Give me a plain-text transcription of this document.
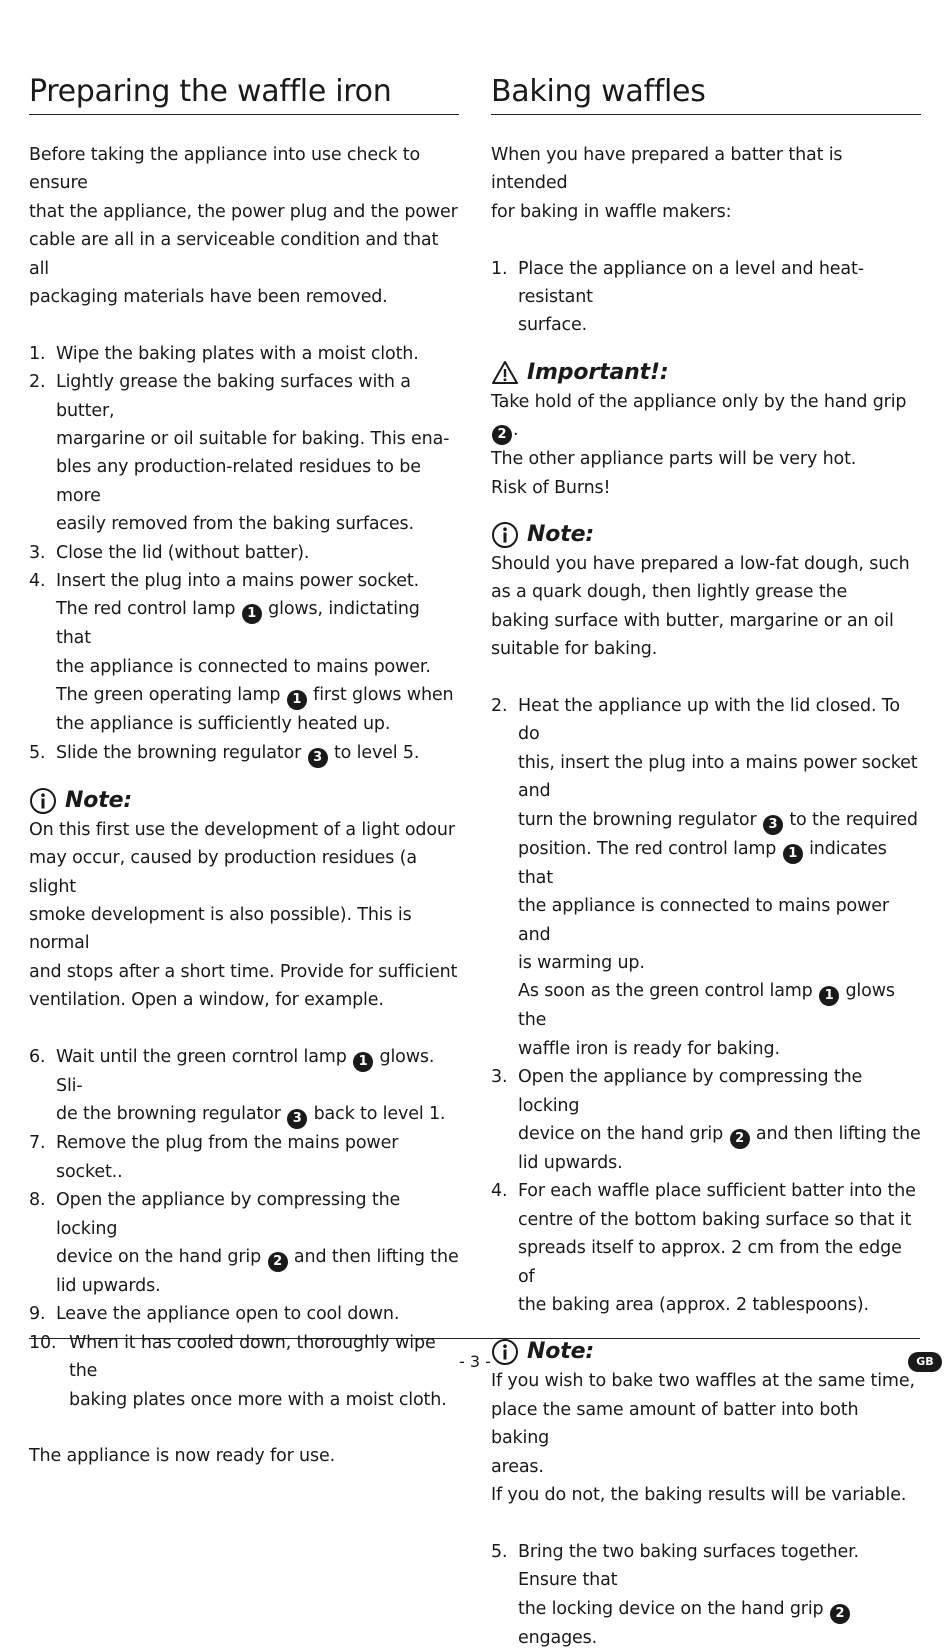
Preparing the waffle iron
Before taking the appliance into use check to ensure
that the appliance, the power plug and the power
cable are all in a serviceable condition and that all
packaging materials have been removed.
1. Wipe the baking plates with a moist cloth.
2. Lightly grease the baking surfaces with a butter,
margarine or oil suitable for baking. This ena-
bles any production-related residues to be more
easily removed from the baking surfaces.
3. Close the lid (without batter).
4. Insert the plug into a mains power socket.
The red control lamp 1 glows, indictating that
the appliance is connected to mains power.
The green operating lamp 1 first glows when
the appliance is sufficiently heated up.
5. Slide the browning regulator 3 to level 5.
Note:
On this first use the development of a light odour
may occur, caused by production residues (a slight
smoke development is also possible). This is normal
and stops after a short time. Provide for sufficient
ventilation. Open a window, for example.
6. Wait until the green corntrol lamp 1 glows. Sli-
de the browning regulator 3 back to level 1.
7. Remove the plug from the mains power socket..
8. Open the appliance by compressing the locking
device on the hand grip 2 and then lifting the
lid upwards.
9. Leave the appliance open to cool down.
10. When it has cooled down, thoroughly wipe the
baking plates once more with a moist cloth.

The appliance is now ready for use.

Baking waffles
When you have prepared a batter that is intended
for baking in waffle makers:
1. Place the appliance on a level and heat-resistant
surface.
Important!:
Take hold of the appliance only by the hand grip 2 .
The other appliance parts will be very hot.
Risk of Burns!
Note:
Should you have prepared a low-fat dough, such
as a quark dough, then lightly grease the
baking surface with butter, margarine or an oil
suitable for baking.
2. Heat the appliance up with the lid closed. To do
this, insert the plug into a mains power socket and
turn the browning regulator 3 to the required
position. The red control lamp 1 indicates that
the appliance is connected to mains power and
is warming up.
As soon as the green control lamp 1 glows the
waffle iron is ready for baking.
3. Open the appliance by compressing the locking
device on the hand grip 2 and then lifting the
lid upwards.
4. For each waffle place sufficient batter into the
centre of the bottom baking surface so that it
spreads itself to approx. 2 cm from the edge of
the baking area (approx. 2 tablespoons).
Note:
If you wish to bake two waffles at the same time,
place the same amount of batter into both baking
areas.
If you do not, the baking results will be variable.
5. Bring the two baking surfaces together. Ensure that
the locking device on the hand grip 2 engages.
- 3 -	GB
